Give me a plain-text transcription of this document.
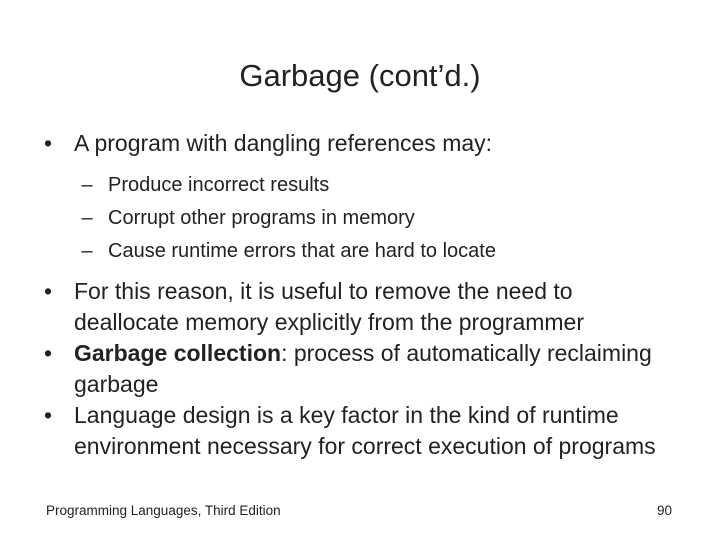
Garbage (cont’d.)
• A program with dangling references may:
– Produce incorrect results
– Corrupt other programs in memory
– Cause runtime errors that are hard to locate
• For this reason, it is useful to remove the need to deallocate memory explicitly from the programmer
• Garbage collection: process of automatically reclaiming garbage
• Language design is a key factor in the kind of runtime environment necessary for correct execution of programs
Programming Languages, Third Edition	90
